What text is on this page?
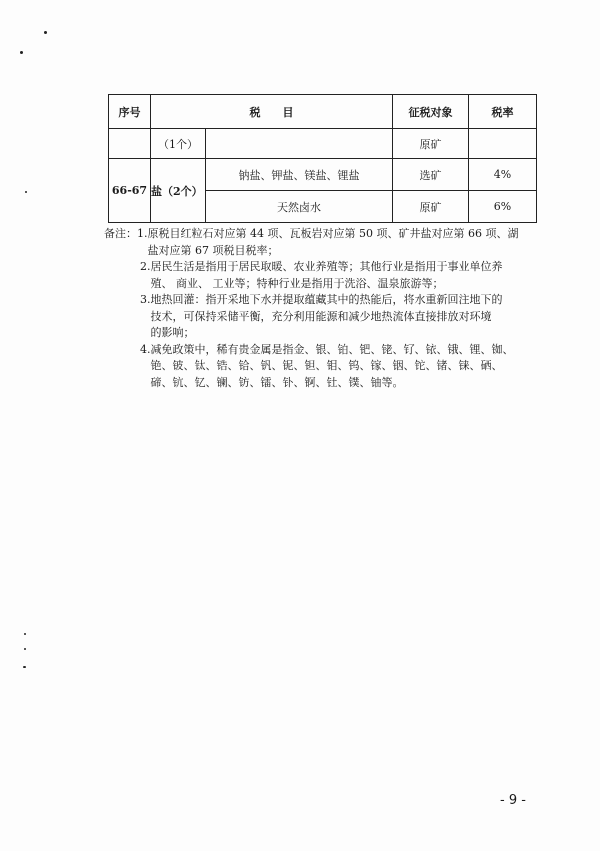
序号	税　　目		征税对象	税率
	（1个）		原矿	
66-67	盐（2个）	钠盐、钾盐、镁盐、锂盐	选矿	4%
		天然卤水	原矿	6%
备注： 1. 原税目红粒石对应第 44 项、瓦板岩对应第 50 项、矿井盐对应第 66 项、湖
盐对应第 67 项税目税率；
2. 居民生活是指用于居民取暖、农业养殖等；其他行业是指用于事业单位养
殖、 商业、 工业等；特种行业是指用于洗浴、温泉旅游等；
3. 地热回灌：指开采地下水并提取蕴藏其中的热能后，将水重新回注地下的
技术，可保持采储平衡，充分利用能源和减少地热流体直接排放对环境
的影响；
4. 减免政策中，稀有贵金属是指金、银、铂、钯、铑、钌、铱、锇、锂、铷、
铯、铍、钛、锆、铪、钒、铌、钽、钼、钨、镓、铟、铊、锗、铼、硒、
碲、钪、钇、镧、钫、镭、钋、锕、钍、镤、铀等。
- 9 -
